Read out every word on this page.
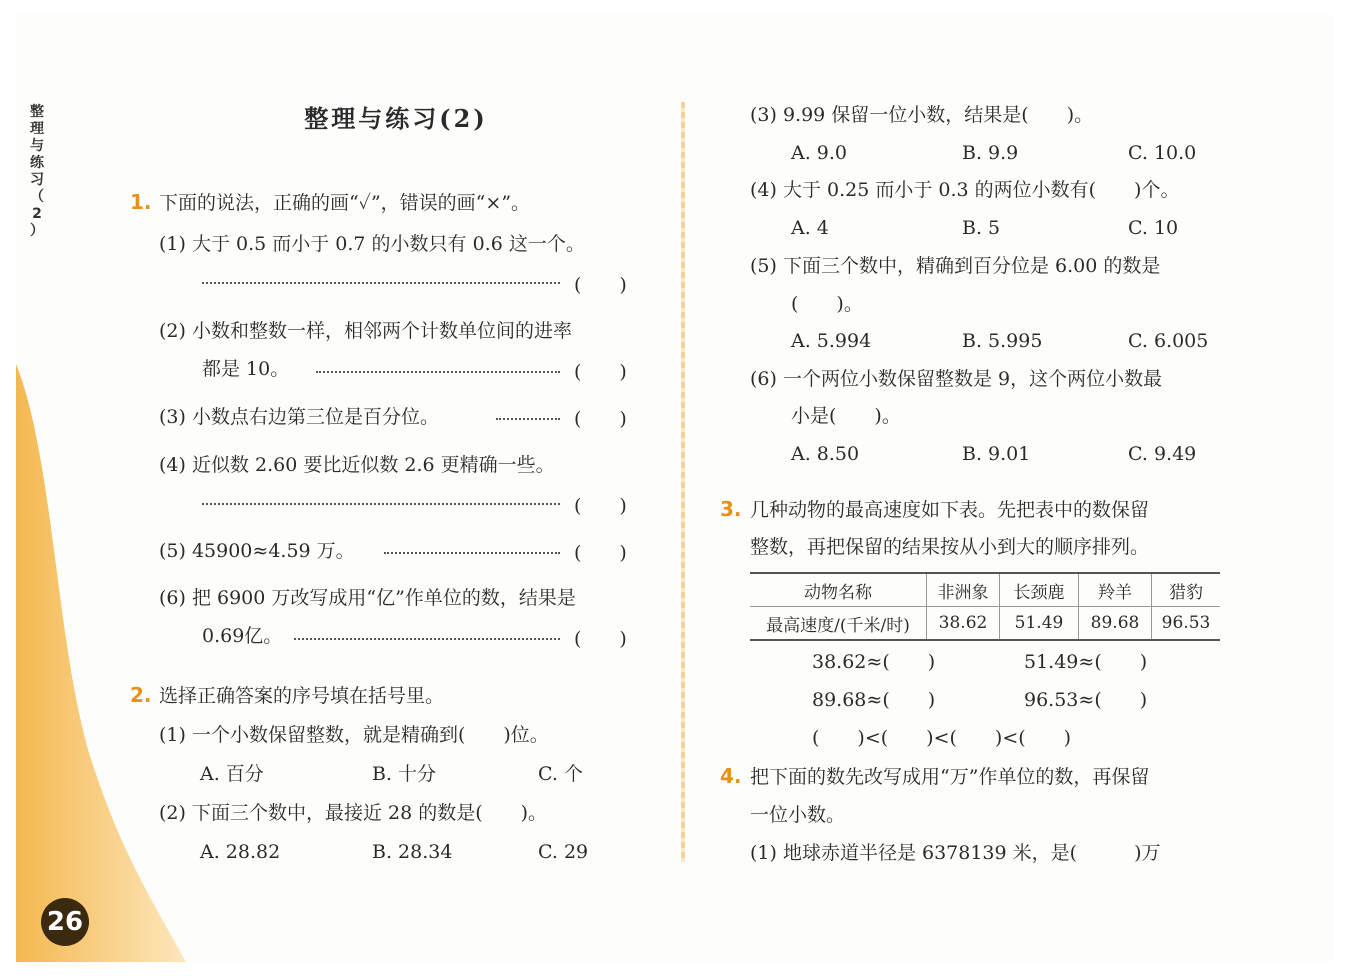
整
理
与
练
习
（
2
）
整理与练习(2)
1. 下面的说法，正确的画“✓”，错误的画“×”。
(1) 大于 0.5 而小于 0.7 的小数只有 0.6 这一个。
(　　)
(2) 小数和整数一样，相邻两个计数单位间的进率
都是 10。	(　　)
(3) 小数点右边第三位是百分位。	(　　)
(4) 近似数 2.60 要比近似数 2.6 更精确一些。
(　　)
(5) 45900≈4.59 万。	(　　)
(6) 把 6900 万改写成用“亿”作单位的数，结果是
0.69亿。	(　　)
2. 选择正确答案的序号填在括号里。
(1) 一个小数保留整数，就是精确到(　　)位。
A. 百分	B. 十分	C. 个
(2) 下面三个数中，最接近 28 的数是(　　)。
A. 28.82	B. 28.34	C. 29
(3) 9.99 保留一位小数，结果是(　　)。
A. 9.0	B. 9.9	C. 10.0
(4) 大于 0.25 而小于 0.3 的两位小数有(　　)个。
A. 4	B. 5	C. 10
(5) 下面三个数中，精确到百分位是 6.00 的数是
(　　)。
A. 5.994	B. 5.995	C. 6.005
(6) 一个两位小数保留整数是 9，这个两位小数最
小是(　　)。
A. 8.50	B. 9.01	C. 9.49
3. 几种动物的最高速度如下表。先把表中的数保留
整数，再把保留的结果按从小到大的顺序排列。
动物名称	非洲象	长颈鹿	羚羊	猎豹
最高速度/(千米/时)	38.62	51.49	89.68	96.53
38.62≈(　　)	51.49≈(　　)
89.68≈(　　)	96.53≈(　　)
(　　)<(　　)<(　　)<(　　)
4. 把下面的数先改写成用“万”作单位的数，再保留
一位小数。
(1) 地球赤道半径是 6378139 米，是(　　　)万
26
